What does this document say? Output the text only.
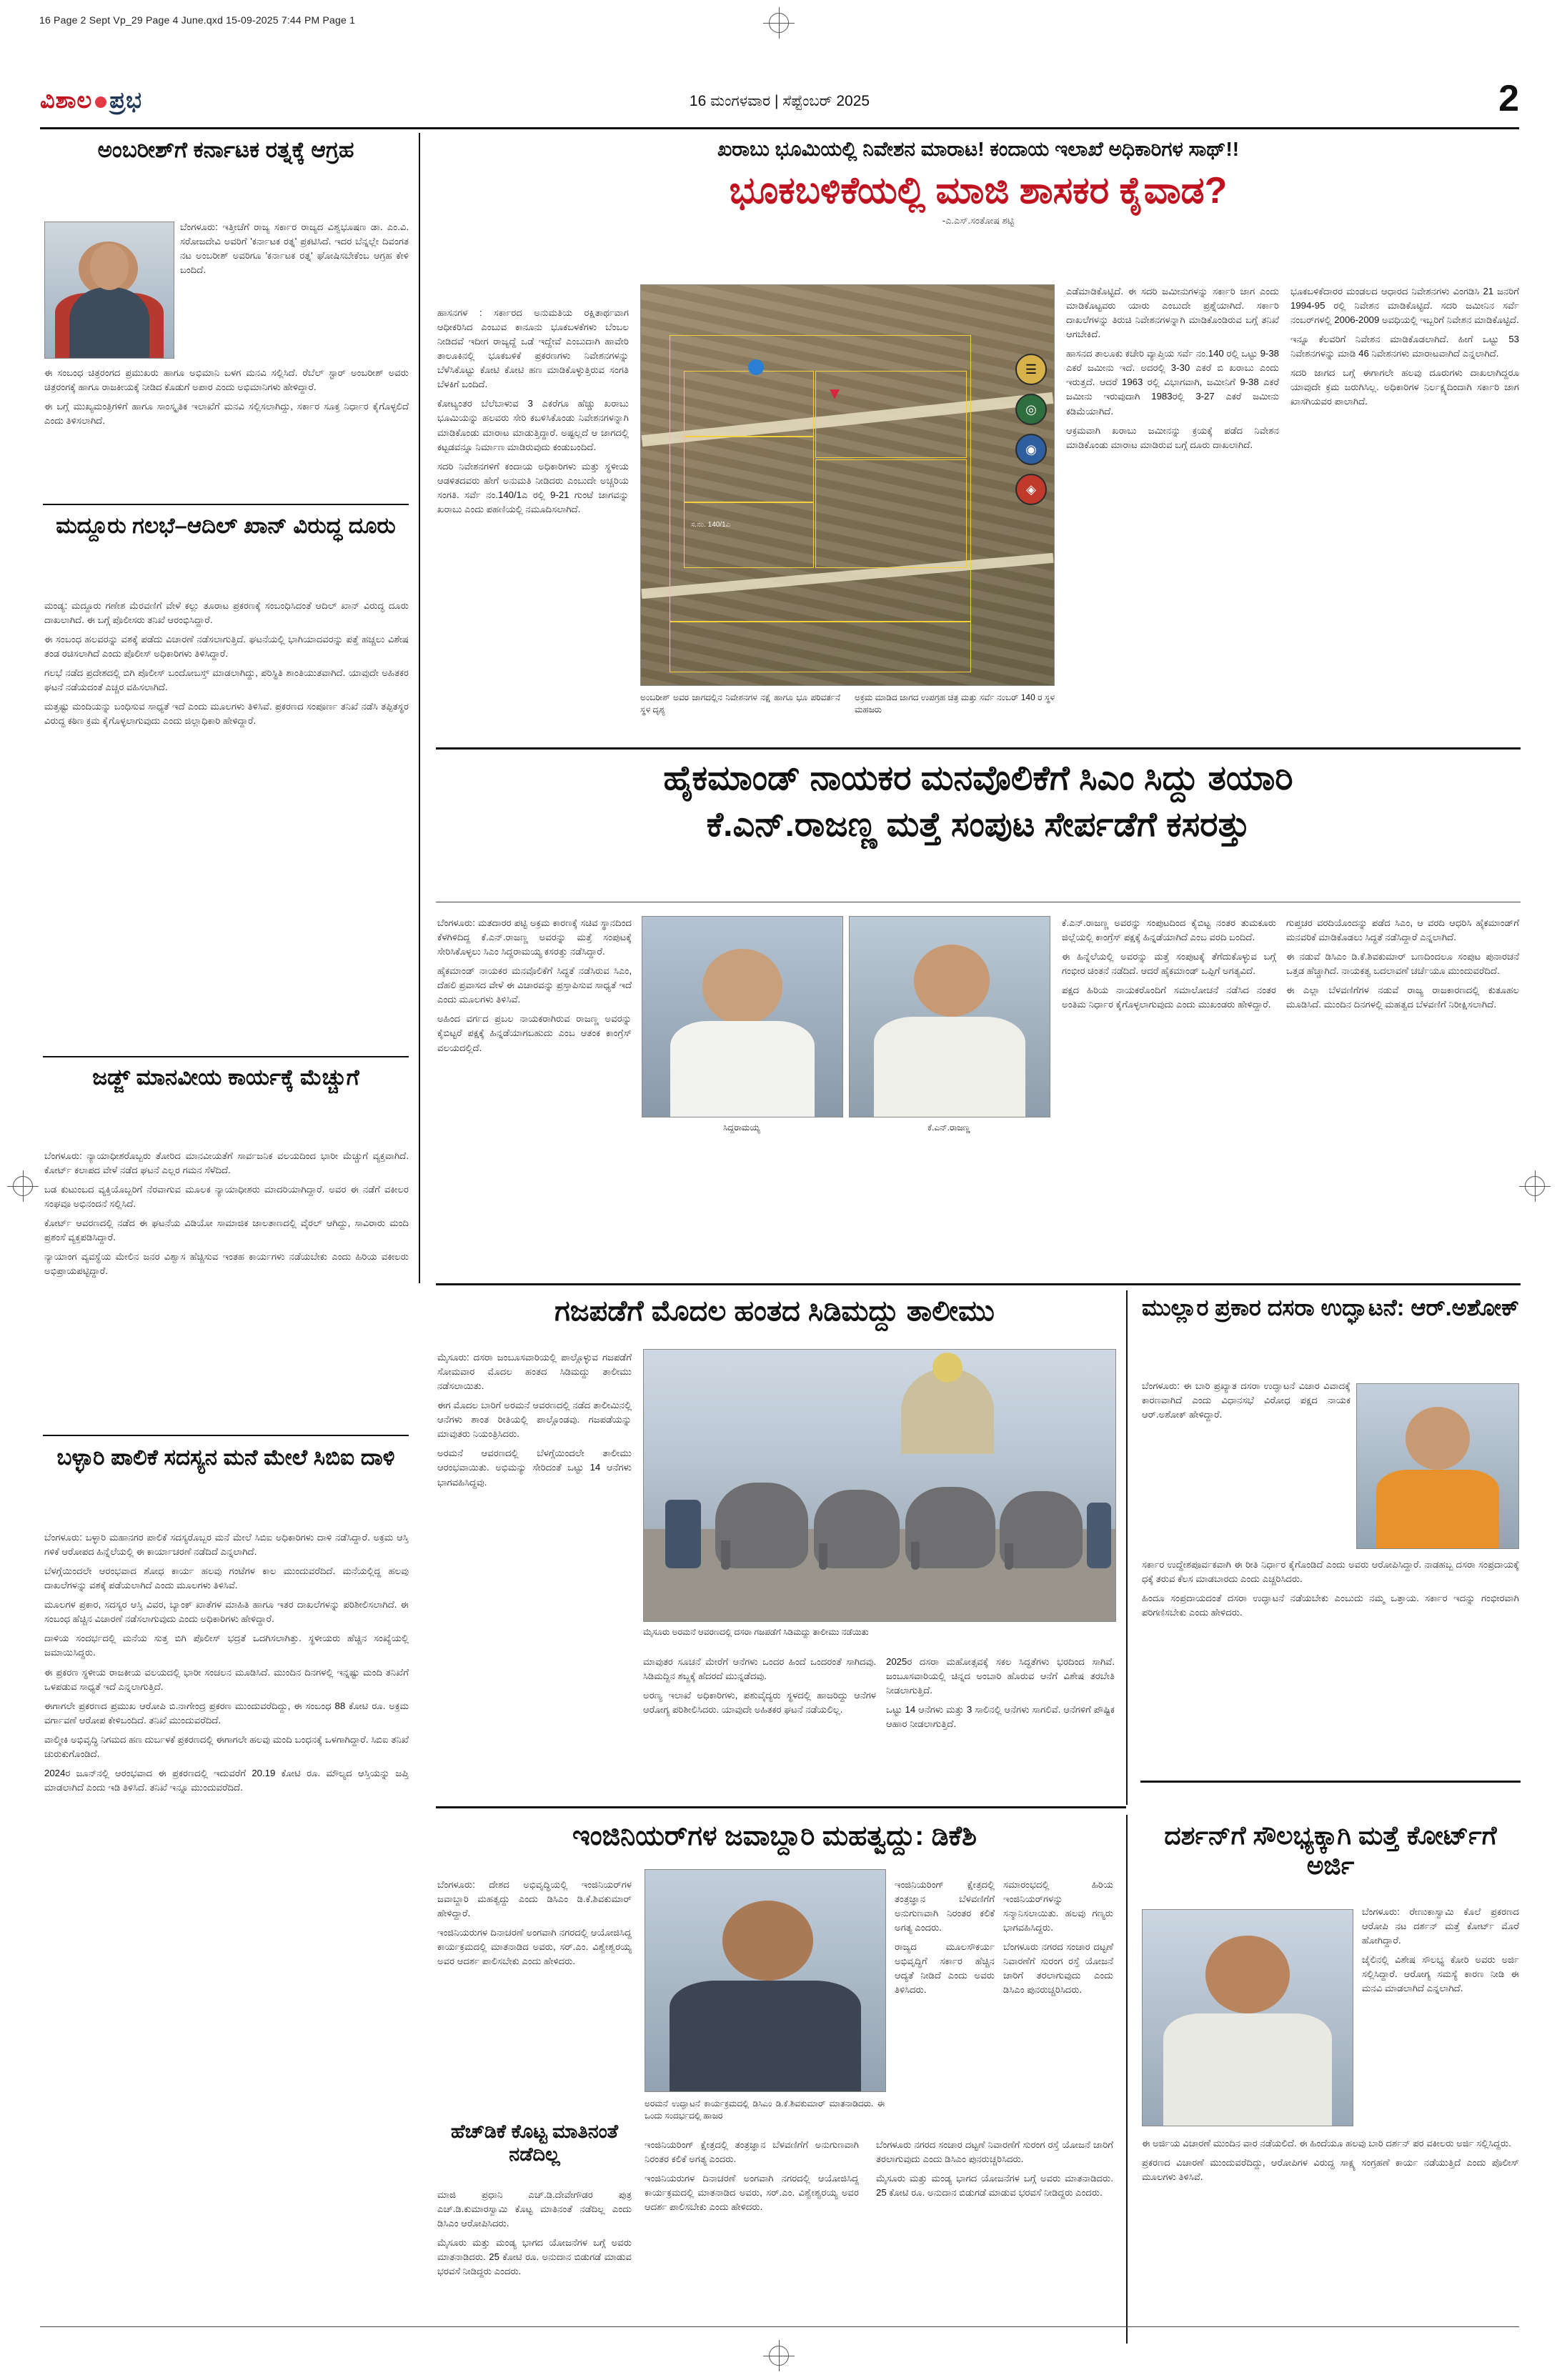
16 Page 2 Sept Vp_29 Page 4 June.qxd 15-09-2025 7:44 PM Page 1
ವಿಶಾಲ ಪ್ರಭ	16 ಮಂಗಳವಾರ | ಸೆಪ್ಟೆಂಬರ್ 2025	2
ಅಂಬರೀಶ್‌ಗೆ ಕರ್ನಾಟಕ ರತ್ನಕ್ಕೆ ಆಗ್ರಹ

ಬೆಂಗಳೂರು: ಇತ್ತೀಚೆಗೆ ರಾಜ್ಯ ಸರ್ಕಾರ ರಾಜ್ಯದ ವಿಶ್ವಭೂಷಣ ಡಾ. ಎಂ.ವಿ. ಸರೋಜದೇವಿ ಅವರಿಗೆ 'ಕರ್ನಾಟಕ ರತ್ನ' ಪ್ರಕಟಿಸಿದೆ. ಇದರ ಬೆನ್ನಲ್ಲೇ ದಿವಂಗತ ನಟ ಅಂಬರೀಶ್ ಅವರಿಗೂ 'ಕರ್ನಾಟಕ ರತ್ನ' ಘೋಷಿಸಬೇಕೆಂಬ ಆಗ್ರಹ ಕೇಳಿ ಬಂದಿದೆ.

ಈ ಸಂಬಂಧ ಚಿತ್ರರಂಗದ ಪ್ರಮುಖರು ಹಾಗೂ ಅಭಿಮಾನಿ ಬಳಗ ಮನವಿ ಸಲ್ಲಿಸಿದೆ. ರೆಬೆಲ್ ಸ್ಟಾರ್ ಅಂಬರೀಶ್ ಅವರು ಚಿತ್ರರಂಗಕ್ಕೆ ಹಾಗೂ ರಾಜಕೀಯಕ್ಕೆ ನೀಡಿದ ಕೊಡುಗೆ ಅಪಾರ ಎಂದು ಅಭಿಮಾನಿಗಳು ಹೇಳಿದ್ದಾರೆ.

ಈ ಬಗ್ಗೆ ಮುಖ್ಯಮಂತ್ರಿಗಳಿಗೆ ಹಾಗೂ ಸಾಂಸ್ಕೃತಿಕ ಇಲಾಖೆಗೆ ಮನವಿ ಸಲ್ಲಿಸಲಾಗಿದ್ದು, ಸರ್ಕಾರ ಸೂಕ್ತ ನಿರ್ಧಾರ ಕೈಗೊಳ್ಳಲಿದೆ ಎಂದು ತಿಳಿಸಲಾಗಿದೆ.

ಮದ್ದೂರು ಗಲಭೆ–ಆದಿಲ್ ಖಾನ್ ವಿರುದ್ಧ ದೂರು

ಮಂಡ್ಯ: ಮದ್ದೂರು ಗಣೇಶ ಮೆರವಣಿಗೆ ವೇಳೆ ಕಲ್ಲು ತೂರಾಟ ಪ್ರಕರಣಕ್ಕೆ ಸಂಬಂಧಿಸಿದಂತೆ ಆದಿಲ್ ಖಾನ್ ವಿರುದ್ಧ ದೂರು ದಾಖಲಾಗಿದೆ. ಈ ಬಗ್ಗೆ ಪೊಲೀಸರು ತನಿಖೆ ಆರಂಭಿಸಿದ್ದಾರೆ.

ಈ ಸಂಬಂಧ ಹಲವರನ್ನು ವಶಕ್ಕೆ ಪಡೆದು ವಿಚಾರಣೆ ನಡೆಸಲಾಗುತ್ತಿದೆ. ಘಟನೆಯಲ್ಲಿ ಭಾಗಿಯಾದವರನ್ನು ಪತ್ತೆ ಹಚ್ಚಲು ವಿಶೇಷ ತಂಡ ರಚಿಸಲಾಗಿದೆ ಎಂದು ಪೊಲೀಸ್ ಅಧಿಕಾರಿಗಳು ತಿಳಿಸಿದ್ದಾರೆ.

ಗಲಭೆ ನಡೆದ ಪ್ರದೇಶದಲ್ಲಿ ಬಿಗಿ ಪೊಲೀಸ್ ಬಂದೋಬಸ್ತ್ ಮಾಡಲಾಗಿದ್ದು, ಪರಿಸ್ಥಿತಿ ಶಾಂತಿಯುತವಾಗಿದೆ. ಯಾವುದೇ ಅಹಿತಕರ ಘಟನೆ ನಡೆಯದಂತೆ ಎಚ್ಚರ ವಹಿಸಲಾಗಿದೆ.

ಮತ್ತಷ್ಟು ಮಂದಿಯನ್ನು ಬಂಧಿಸುವ ಸಾಧ್ಯತೆ ಇದೆ ಎಂದು ಮೂಲಗಳು ತಿಳಿಸಿವೆ. ಪ್ರಕರಣದ ಸಂಪೂರ್ಣ ತನಿಖೆ ನಡೆಸಿ ತಪ್ಪಿತಸ್ಥರ ವಿರುದ್ಧ ಕಠಿಣ ಕ್ರಮ ಕೈಗೊಳ್ಳಲಾಗುವುದು ಎಂದು ಜಿಲ್ಲಾಧಿಕಾರಿ ಹೇಳಿದ್ದಾರೆ.

ಜಡ್ಜ್ ಮಾನವೀಯ ಕಾರ್ಯಕ್ಕೆ ಮೆಚ್ಚುಗೆ

ಬೆಂಗಳೂರು: ನ್ಯಾಯಾಧೀಶರೊಬ್ಬರು ತೋರಿದ ಮಾನವೀಯತೆಗೆ ಸಾರ್ವಜನಿಕ ವಲಯದಿಂದ ಭಾರೀ ಮೆಚ್ಚುಗೆ ವ್ಯಕ್ತವಾಗಿದೆ. ಕೋರ್ಟ್ ಕಲಾಪದ ವೇಳೆ ನಡೆದ ಘಟನೆ ಎಲ್ಲರ ಗಮನ ಸೆಳೆದಿದೆ.

ಬಡ ಕುಟುಂಬದ ವ್ಯಕ್ತಿಯೊಬ್ಬರಿಗೆ ನೆರವಾಗುವ ಮೂಲಕ ನ್ಯಾಯಾಧೀಶರು ಮಾದರಿಯಾಗಿದ್ದಾರೆ. ಅವರ ಈ ನಡೆಗೆ ವಕೀಲರ ಸಂಘವೂ ಅಭಿನಂದನೆ ಸಲ್ಲಿಸಿದೆ.

ಕೋರ್ಟ್ ಆವರಣದಲ್ಲಿ ನಡೆದ ಈ ಘಟನೆಯ ವಿಡಿಯೋ ಸಾಮಾಜಿಕ ಜಾಲತಾಣದಲ್ಲಿ ವೈರಲ್ ಆಗಿದ್ದು, ಸಾವಿರಾರು ಮಂದಿ ಪ್ರಶಂಸೆ ವ್ಯಕ್ತಪಡಿಸಿದ್ದಾರೆ.

ನ್ಯಾಯಾಂಗ ವ್ಯವಸ್ಥೆಯ ಮೇಲಿನ ಜನರ ವಿಶ್ವಾಸ ಹೆಚ್ಚಿಸುವ ಇಂತಹ ಕಾರ್ಯಗಳು ನಡೆಯಬೇಕು ಎಂದು ಹಿರಿಯ ವಕೀಲರು ಅಭಿಪ್ರಾಯಪಟ್ಟಿದ್ದಾರೆ.

ಬಳ್ಳಾರಿ ಪಾಲಿಕೆ ಸದಸ್ಯನ ಮನೆ ಮೇಲೆ ಸಿಬಿಐ ದಾಳಿ

ಬೆಂಗಳೂರು: ಬಳ್ಳಾರಿ ಮಹಾನಗರ ಪಾಲಿಕೆ ಸದಸ್ಯರೊಬ್ಬರ ಮನೆ ಮೇಲೆ ಸಿಬಿಐ ಅಧಿಕಾರಿಗಳು ದಾಳಿ ನಡೆಸಿದ್ದಾರೆ. ಅಕ್ರಮ ಆಸ್ತಿ ಗಳಿಕೆ ಆರೋಪದ ಹಿನ್ನೆಲೆಯಲ್ಲಿ ಈ ಕಾರ್ಯಾಚರಣೆ ನಡೆದಿದೆ ಎನ್ನಲಾಗಿದೆ.

ಬೆಳಗ್ಗೆಯಿಂದಲೇ ಆರಂಭವಾದ ಶೋಧ ಕಾರ್ಯ ಹಲವು ಗಂಟೆಗಳ ಕಾಲ ಮುಂದುವರೆದಿದೆ. ಮನೆಯಲ್ಲಿದ್ದ ಹಲವು ದಾಖಲೆಗಳನ್ನು ವಶಕ್ಕೆ ಪಡೆಯಲಾಗಿದೆ ಎಂದು ಮೂಲಗಳು ತಿಳಿಸಿವೆ.

ಮೂಲಗಳ ಪ್ರಕಾರ, ಸದಸ್ಯರ ಆಸ್ತಿ ವಿವರ, ಬ್ಯಾಂಕ್ ಖಾತೆಗಳ ಮಾಹಿತಿ ಹಾಗೂ ಇತರ ದಾಖಲೆಗಳನ್ನು ಪರಿಶೀಲಿಸಲಾಗಿದೆ. ಈ ಸಂಬಂಧ ಹೆಚ್ಚಿನ ವಿಚಾರಣೆ ನಡೆಸಲಾಗುವುದು ಎಂದು ಅಧಿಕಾರಿಗಳು ಹೇಳಿದ್ದಾರೆ.

ದಾಳಿಯ ಸಂದರ್ಭದಲ್ಲಿ ಮನೆಯ ಸುತ್ತ ಬಿಗಿ ಪೊಲೀಸ್ ಭದ್ರತೆ ಒದಗಿಸಲಾಗಿತ್ತು. ಸ್ಥಳೀಯರು ಹೆಚ್ಚಿನ ಸಂಖ್ಯೆಯಲ್ಲಿ ಜಮಾಯಿಸಿದ್ದರು.

ಈ ಪ್ರಕರಣ ಸ್ಥಳೀಯ ರಾಜಕೀಯ ವಲಯದಲ್ಲಿ ಭಾರೀ ಸಂಚಲನ ಮೂಡಿಸಿದೆ. ಮುಂದಿನ ದಿನಗಳಲ್ಲಿ ಇನ್ನಷ್ಟು ಮಂದಿ ತನಿಖೆಗೆ ಒಳಪಡುವ ಸಾಧ್ಯತೆ ಇದೆ ಎನ್ನಲಾಗುತ್ತಿದೆ.

ಈಗಾಗಲೇ ಪ್ರಕರಣದ ಪ್ರಮುಖ ಆರೋಪಿ ಬಿ.ನಾಗೇಂದ್ರ ಪ್ರಕರಣ ಮುಂದುವರೆದಿದ್ದು, ಈ ಸಂಬಂಧ 88 ಕೋಟಿ ರೂ. ಅಕ್ರಮ ವರ್ಗಾವಣೆ ಆರೋಪ ಕೇಳಿಬಂದಿದೆ. ತನಿಖೆ ಮುಂದುವರೆದಿದೆ.

ವಾಲ್ಮೀಕಿ ಅಭಿವೃದ್ಧಿ ನಿಗಮದ ಹಣ ದುರ್ಬಳಕೆ ಪ್ರಕರಣದಲ್ಲಿ ಈಗಾಗಲೇ ಹಲವು ಮಂದಿ ಬಂಧನಕ್ಕೆ ಒಳಗಾಗಿದ್ದಾರೆ. ಸಿಬಿಐ ತನಿಖೆ ಚುರುಕುಗೊಂಡಿದೆ.

2024ರ ಜೂನ್‌ನಲ್ಲಿ ಆರಂಭವಾದ ಈ ಪ್ರಕರಣದಲ್ಲಿ ಇದುವರೆಗೆ 20.19 ಕೋಟಿ ರೂ. ಮೌಲ್ಯದ ಆಸ್ತಿಯನ್ನು ಜಪ್ತಿ ಮಾಡಲಾಗಿದೆ ಎಂದು ಇಡಿ ತಿಳಿಸಿದೆ. ತನಿಖೆ ಇನ್ನೂ ಮುಂದುವರೆದಿದೆ.

ಖರಾಬು ಭೂಮಿಯಲ್ಲಿ ನಿವೇಶನ ಮಾರಾಟ! ಕಂದಾಯ ಇಲಾಖೆ ಅಧಿಕಾರಿಗಳ ಸಾಥ್‌!!
ಭೂಕಬಳಿಕೆಯಲ್ಲಿ ಮಾಜಿ ಶಾಸಕರ ಕೈವಾಡ?
-ಎ.ಎಸ್.ಸಂತೋಷ ಶಟ್ಟಿ

ಹಾಸನಗಳ : ಸರ್ಕಾರದ ಅನುಮತಿಯ ರಕ್ಷಿತಾರ್ಥವಾಗ ಆಧೀಕರಿಸಿದ ಎಂಬುವ ಕಾನೂನು ಭೂಕಬಳಕೆಗಳು ಬೆಂಬಲ ನೀಡಿದವೆ ಇದೀಗ ರಾಜ್ಯದ್ದೆ ಒಡೆ ಇದ್ದೇವೆ ಎಂಬುದಾಗಿ ಹಾವೇರಿ ತಾಲೂಕಿನಲ್ಲಿ ಭೂಕಬಳಿಕೆ ಪ್ರಕರಣಗಳು ನಿವೇಶನಗಳನ್ನು ಬೆಳೆಸಿಕೊಟ್ಟು ಕೋಟಿ ಕೋಟಿ ಹಣ ಮಾಡಿಕೊಳ್ಳುತ್ತಿರುವ ಸಂಗತಿ ಬೆಳಕಿಗೆ ಬಂದಿದೆ.

ಕೋಟ್ಯಂತರ ಬೆಲೆಬಾಳುವ 3 ಎಕರೆಗೂ ಹೆಚ್ಚು ಖರಾಬು ಭೂಮಿಯನ್ನು ಹಲವರು ಸೇರಿ ಕಬಳಿಸಿಕೊಂಡು ನಿವೇಶನಗಳನ್ನಾಗಿ ಮಾಡಿಕೊಂಡು ಮಾರಾಟ ಮಾಡುತ್ತಿದ್ದಾರೆ. ಅಷ್ಟಲ್ಲದೆ ಆ ಜಾಗದಲ್ಲಿ ಕಟ್ಟಡವನ್ನೂ ನಿರ್ಮಾಣ ಮಾಡಿರುವುದು ಕಂಡುಬಂದಿದೆ.

ಸದರಿ ನಿವೇಶನಗಳಿಗೆ ಕಂದಾಯ ಅಧಿಕಾರಿಗಳು ಮತ್ತು ಸ್ಥಳೀಯ ಆಡಳಿತದವರು ಹೇಗೆ ಅನುಮತಿ ನೀಡಿದರು ಎಂಬುದೇ ಅಚ್ಚರಿಯ ಸಂಗತಿ. ಸರ್ವೆ ನಂ.140/1ಎ ರಲ್ಲಿ 9-21 ಗುಂಟೆ ಜಾಗವನ್ನು ಖರಾಬು ಎಂದು ಪಹಣಿಯಲ್ಲಿ ನಮೂದಿಸಲಾಗಿದೆ.

ಸ.ನಂ. 140/1ಎ
☰
◎
◉
◈

ಎಡೆಮಾಡಿಕೊಟ್ಟಿದೆ. ಈ ಸದರಿ ಜಮೀನುಗಳನ್ನು ಸರ್ಕಾರಿ ಜಾಗ ಎಂದು ಮಾಡಿಕೊಟ್ಟವರು ಯಾರು ಎಂಬುದೇ ಪ್ರಶ್ನೆಯಾಗಿದೆ. ಸರ್ಕಾರಿ ದಾಖಲೆಗಳನ್ನು ತಿರುಚಿ ನಿವೇಶನಗಳನ್ನಾಗಿ ಮಾಡಿಕೊಂಡಿರುವ ಬಗ್ಗೆ ತನಿಖೆ ಆಗಬೇಕಿದೆ.

ಹಾಸನದ ತಾಲೂಕು ಕಚೇರಿ ವ್ಯಾಪ್ತಿಯ ಸರ್ವೆ ನಂ.140 ರಲ್ಲಿ ಒಟ್ಟು 9-38 ಎಕರೆ ಜಮೀನು ಇದೆ. ಅದರಲ್ಲಿ 3-30 ಎಕರೆ ಬಿ ಖರಾಬು ಎಂದು ಇರುತ್ತದೆ. ಆದರೆ 1963 ರಲ್ಲಿ ವಿಭಾಗವಾಗಿ, ಜಮೀನಿಗೆ 9-38 ಎಕರೆ ಜಮೀನು ಇರುವುದಾಗಿ 1983ರಲ್ಲಿ 3-27 ಎಕರೆ ಜಮೀನು ಕಡಿಮೆಯಾಗಿದೆ.

ಆಕ್ರಮವಾಗಿ ಖರಾಬು ಜಮೀನನ್ನು ಕ್ರಯಕ್ಕೆ ಪಡೆದ ನಿವೇಶನ ಮಾಡಿಕೊಂಡು ಮಾರಾಟ ಮಾಡಿರುವ ಬಗ್ಗೆ ದೂರು ದಾಖಲಾಗಿದೆ.

ಭೂಕಬಳಿಕೆದಾರರ ಮಂಡಲದ ಆಧಾರದ ನಿವೇಶನಗಳು ವಿಂಗಡಿಸಿ 21 ಜನರಿಗೆ 1994-95 ರಲ್ಲಿ ನಿವೇಶನ ಮಾಡಿಕೊಟ್ಟಿದೆ. ಸದರಿ ಜಮೀನಿನ ಸರ್ವೆ ನಂಬರ್‌ಗಳಲ್ಲಿ 2006-2009 ಅವಧಿಯಲ್ಲಿ ಇಬ್ಬರಿಗೆ ನಿವೇಶನ ಮಾಡಿಕೊಟ್ಟಿದೆ.

ಇನ್ನೂ ಕೆಲವರಿಗೆ ನಿವೇಶನ ಮಾಡಿಕೊಡಲಾಗಿದೆ. ಹೀಗೆ ಒಟ್ಟು 53 ನಿವೇಶನಗಳನ್ನು ಮಾಡಿ 46 ನಿವೇಶನಗಳು ಮಾರಾಟವಾಗಿದೆ ಎನ್ನಲಾಗಿದೆ.

ಸದರಿ ಜಾಗದ ಬಗ್ಗೆ ಈಗಾಗಲೇ ಹಲವು ದೂರುಗಳು ದಾಖಲಾಗಿದ್ದರೂ ಯಾವುದೇ ಕ್ರಮ ಜರುಗಿಸಿಲ್ಲ. ಅಧಿಕಾರಿಗಳ ನಿರ್ಲಕ್ಷ್ಯದಿಂದಾಗಿ ಸರ್ಕಾರಿ ಜಾಗ ಖಾಸಗಿಯವರ ಪಾಲಾಗಿದೆ.

ಅಂಬರೀಶ್ ಅವರ ಜಾಗದಲ್ಲಿನ ನಿವೇಶನಗಳ ನಕ್ಷೆ ಹಾಗೂ ಭೂ ಪರಿವರ್ತನೆ ಸ್ಥಳ ದೃಶ್ಯ
ಅಕ್ರಮ ಮಾಡಿದ ಜಾಗದ ಉಪಗ್ರಹ ಚಿತ್ರ ಮತ್ತು ಸರ್ವೆ ನಂಬರ್ 140 ರ ಸ್ಥಳ ಮಹಜರು
ಹೈಕಮಾಂಡ್ ನಾಯಕರ ಮನವೊಲಿಕೆಗೆ ಸಿಎಂ ಸಿದ್ದು ತಯಾರಿ
ಕೆ.ಎನ್.ರಾಜಣ್ಣ ಮತ್ತೆ ಸಂಪುಟ ಸೇರ್ಪಡೆಗೆ ಕಸರತ್ತು
ಸಿದ್ದರಾಮಯ್ಯ	ಕೆ.ಎನ್.ರಾಜಣ್ಣ

ಬೆಂಗಳೂರು: ಮತದಾರರ ಪಟ್ಟಿ ಅಕ್ರಮ ಕಾರಣಕ್ಕೆ ಸಚಿವ ಸ್ಥಾನದಿಂದ ಕೆಳಗಿಳಿದಿದ್ದ ಕೆ.ಎನ್.ರಾಜಣ್ಣ ಅವರನ್ನು ಮತ್ತೆ ಸಂಪುಟಕ್ಕೆ ಸೇರಿಸಿಕೊಳ್ಳಲು ಸಿಎಂ ಸಿದ್ದರಾಮಯ್ಯ ಕಸರತ್ತು ನಡೆಸಿದ್ದಾರೆ.

ಹೈಕಮಾಂಡ್ ನಾಯಕರ ಮನವೊಲಿಕೆಗೆ ಸಿದ್ಧತೆ ನಡೆಸಿರುವ ಸಿಎಂ, ದೆಹಲಿ ಪ್ರವಾಸದ ವೇಳೆ ಈ ವಿಚಾರವನ್ನು ಪ್ರಸ್ತಾಪಿಸುವ ಸಾಧ್ಯತೆ ಇದೆ ಎಂದು ಮೂಲಗಳು ತಿಳಿಸಿವೆ.

ಅಹಿಂದ ವರ್ಗದ ಪ್ರಬಲ ನಾಯಕರಾಗಿರುವ ರಾಜಣ್ಣ ಅವರನ್ನು ಕೈಬಿಟ್ಟರೆ ಪಕ್ಷಕ್ಕೆ ಹಿನ್ನಡೆಯಾಗಬಹುದು ಎಂಬ ಆತಂಕ ಕಾಂಗ್ರೆಸ್ ವಲಯದಲ್ಲಿದೆ.

ಕೆ.ಎನ್.ರಾಜಣ್ಣ ಅವರನ್ನು ಸಂಪುಟದಿಂದ ಕೈಬಿಟ್ಟ ನಂತರ ತುಮಕೂರು ಜಿಲ್ಲೆಯಲ್ಲಿ ಕಾಂಗ್ರೆಸ್ ಪಕ್ಷಕ್ಕೆ ಹಿನ್ನಡೆಯಾಗಿದೆ ಎಂಬ ವರದಿ ಬಂದಿದೆ.

ಈ ಹಿನ್ನೆಲೆಯಲ್ಲಿ ಅವರನ್ನು ಮತ್ತೆ ಸಂಪುಟಕ್ಕೆ ತೆಗೆದುಕೊಳ್ಳುವ ಬಗ್ಗೆ ಗಂಭೀರ ಚಿಂತನೆ ನಡೆದಿದೆ. ಆದರೆ ಹೈಕಮಾಂಡ್ ಒಪ್ಪಿಗೆ ಅಗತ್ಯವಿದೆ.

ಪಕ್ಷದ ಹಿರಿಯ ನಾಯಕರೊಂದಿಗೆ ಸಮಾಲೋಚನೆ ನಡೆಸಿದ ನಂತರ ಅಂತಿಮ ನಿರ್ಧಾರ ಕೈಗೊಳ್ಳಲಾಗುವುದು ಎಂದು ಮುಖಂಡರು ಹೇಳಿದ್ದಾರೆ.

ಗುಪ್ತಚರ ವರದಿಯೊಂದನ್ನು ಪಡೆದ ಸಿಎಂ, ಆ ವರದಿ ಆಧರಿಸಿ ಹೈಕಮಾಂಡ್‌ಗೆ ಮನವರಿಕೆ ಮಾಡಿಕೊಡಲು ಸಿದ್ಧತೆ ನಡೆಸಿದ್ದಾರೆ ಎನ್ನಲಾಗಿದೆ.

ಈ ನಡುವೆ ಡಿಸಿಎಂ ಡಿ.ಕೆ.ಶಿವಕುಮಾರ್ ಬಣದಿಂದಲೂ ಸಂಪುಟ ಪುನಾರಚನೆ ಒತ್ತಡ ಹೆಚ್ಚಾಗಿದೆ. ನಾಯಕತ್ವ ಬದಲಾವಣೆ ಚರ್ಚೆಯೂ ಮುಂದುವರೆದಿದೆ.

ಈ ಎಲ್ಲಾ ಬೆಳವಣಿಗೆಗಳ ನಡುವೆ ರಾಜ್ಯ ರಾಜಕಾರಣದಲ್ಲಿ ಕುತೂಹಲ ಮೂಡಿಸಿದೆ. ಮುಂದಿನ ದಿನಗಳಲ್ಲಿ ಮಹತ್ವದ ಬೆಳವಣಿಗೆ ನಿರೀಕ್ಷಿಸಲಾಗಿದೆ.

ಗಜಪಡೆಗೆ ಮೊದಲ ಹಂತದ ಸಿಡಿಮದ್ದು ತಾಲೀಮು
ಮೈಸೂರು ಅರಮನೆ ಆವರಣದಲ್ಲಿ ದಸರಾ ಗಜಪಡೆಗೆ ಸಿಡಿಮದ್ದು ತಾಲೀಮು ನಡೆಯಿತು

ಮೈಸೂರು: ದಸರಾ ಜಂಬೂಸವಾರಿಯಲ್ಲಿ ಪಾಲ್ಗೊಳ್ಳುವ ಗಜಪಡೆಗೆ ಸೋಮವಾರ ಮೊದಲ ಹಂತದ ಸಿಡಿಮದ್ದು ತಾಲೀಮು ನಡೆಸಲಾಯಿತು.

ಈಗ ಮೊದಲ ಬಾರಿಗೆ ಅರಮನೆ ಆವರಣದಲ್ಲಿ ನಡೆದ ತಾಲೀಮಿನಲ್ಲಿ ಆನೆಗಳು ಶಾಂತ ರೀತಿಯಲ್ಲಿ ಪಾಲ್ಗೊಂಡವು. ಗಜಪಡೆಯನ್ನು ಮಾವುತರು ನಿಯಂತ್ರಿಸಿದರು.

ಅರಮನೆ ಆವರಣದಲ್ಲಿ ಬೆಳಗ್ಗೆಯಿಂದಲೇ ತಾಲೀಮು ಆರಂಭವಾಯಿತು. ಅಭಿಮನ್ಯು ಸೇರಿದಂತೆ ಒಟ್ಟು 14 ಆನೆಗಳು ಭಾಗವಹಿಸಿದ್ದವು.

ಮಾವುತರ ಸೂಚನೆ ಮೇರೆಗೆ ಆನೆಗಳು ಒಂದರ ಹಿಂದೆ ಒಂದರಂತೆ ಸಾಗಿದವು. ಸಿಡಿಮದ್ದಿನ ಶಬ್ದಕ್ಕೆ ಹೆದರದೆ ಮುನ್ನಡೆದವು.

ಅರಣ್ಯ ಇಲಾಖೆ ಅಧಿಕಾರಿಗಳು, ಪಶುವೈದ್ಯರು ಸ್ಥಳದಲ್ಲಿ ಹಾಜರಿದ್ದು ಆನೆಗಳ ಆರೋಗ್ಯ ಪರಿಶೀಲಿಸಿದರು. ಯಾವುದೇ ಅಹಿತಕರ ಘಟನೆ ನಡೆಯಲಿಲ್ಲ.

2025ರ ದಸರಾ ಮಹೋತ್ಸವಕ್ಕೆ ಸಕಲ ಸಿದ್ಧತೆಗಳು ಭರದಿಂದ ಸಾಗಿವೆ. ಜಂಬೂಸವಾರಿಯಲ್ಲಿ ಚಿನ್ನದ ಅಂಬಾರಿ ಹೊರುವ ಆನೆಗೆ ವಿಶೇಷ ತರಬೇತಿ ನೀಡಲಾಗುತ್ತಿದೆ.

ಒಟ್ಟು 14 ಆನೆಗಳು ಮತ್ತು 3 ಸಾಲಿನಲ್ಲಿ ಆನೆಗಳು ಸಾಗಲಿವೆ. ಆನೆಗಳಿಗೆ ಪೌಷ್ಟಿಕ ಆಹಾರ ನೀಡಲಾಗುತ್ತಿದೆ.

ಮುಲ್ಲಾರ ಪ್ರಕಾರ ದಸರಾ ಉದ್ಘಾಟನೆ: ಆರ್.ಅಶೋಕ್

ಬೆಂಗಳೂರು: ಈ ಬಾರಿ ಪ್ರಖ್ಯಾತ ದಸರಾ ಉದ್ಘಾಟನೆ ವಿಚಾರ ವಿವಾದಕ್ಕೆ ಕಾರಣವಾಗಿದೆ ಎಂದು ವಿಧಾನಸಭೆ ವಿರೋಧ ಪಕ್ಷದ ನಾಯಕ ಆರ್.ಅಶೋಕ್ ಹೇಳಿದ್ದಾರೆ.

ಸರ್ಕಾರ ಉದ್ದೇಶಪೂರ್ವಕವಾಗಿ ಈ ರೀತಿ ನಿರ್ಧಾರ ಕೈಗೊಂಡಿದೆ ಎಂದು ಅವರು ಆರೋಪಿಸಿದ್ದಾರೆ. ನಾಡಹಬ್ಬ ದಸರಾ ಸಂಪ್ರದಾಯಕ್ಕೆ ಧಕ್ಕೆ ತರುವ ಕೆಲಸ ಮಾಡಬಾರದು ಎಂದು ಎಚ್ಚರಿಸಿದರು.

ಹಿಂದೂ ಸಂಪ್ರದಾಯದಂತೆ ದಸರಾ ಉದ್ಘಾಟನೆ ನಡೆಯಬೇಕು ಎಂಬುದು ನಮ್ಮ ಒತ್ತಾಯ. ಸರ್ಕಾರ ಇದನ್ನು ಗಂಭೀರವಾಗಿ ಪರಿಗಣಿಸಬೇಕು ಎಂದು ಹೇಳಿದರು.

ಇಂಜಿನಿಯರ್‌ಗಳ ಜವಾಬ್ದಾರಿ ಮಹತ್ವದ್ದು: ಡಿಕೆಶಿ
ಅರಮನೆ ಉದ್ಘಾಟನೆ ಕಾರ್ಯಕ್ರಮದಲ್ಲಿ ಡಿಸಿಎಂ ಡಿ.ಕೆ.ಶಿವಕುಮಾರ್ ಮಾತನಾಡಿದರು. ಈ ಒಂದು ಸಂದರ್ಭದಲ್ಲಿ ಹಾಜರ

ಬೆಂಗಳೂರು: ದೇಶದ ಅಭಿವೃದ್ಧಿಯಲ್ಲಿ ಇಂಜಿನಿಯರ್‌ಗಳ ಜವಾಬ್ದಾರಿ ಮಹತ್ವದ್ದು ಎಂದು ಡಿಸಿಎಂ ಡಿ.ಕೆ.ಶಿವಕುಮಾರ್ ಹೇಳಿದ್ದಾರೆ.

ಇಂಜಿನಿಯರುಗಳ ದಿನಾಚರಣೆ ಅಂಗವಾಗಿ ನಗರದಲ್ಲಿ ಆಯೋಜಿಸಿದ್ದ ಕಾರ್ಯಕ್ರಮದಲ್ಲಿ ಮಾತನಾಡಿದ ಅವರು, ಸರ್.ಎಂ. ವಿಶ್ವೇಶ್ವರಯ್ಯ ಅವರ ಆದರ್ಶ ಪಾಲಿಸಬೇಕು ಎಂದು ಹೇಳಿದರು.

ಇಂಜಿನಿಯರಿಂಗ್ ಕ್ಷೇತ್ರದಲ್ಲಿ ತಂತ್ರಜ್ಞಾನ ಬೆಳವಣಿಗೆಗೆ ಅನುಗುಣವಾಗಿ ನಿರಂತರ ಕಲಿಕೆ ಅಗತ್ಯ ಎಂದರು.

ರಾಜ್ಯದ ಮೂಲಸೌಕರ್ಯ ಅಭಿವೃದ್ಧಿಗೆ ಸರ್ಕಾರ ಹೆಚ್ಚಿನ ಆದ್ಯತೆ ನೀಡಿದೆ ಎಂದು ಅವರು ತಿಳಿಸಿದರು.

ಸಮಾರಂಭದಲ್ಲಿ ಹಿರಿಯ ಇಂಜಿನಿಯರ್‌ಗಳನ್ನು ಸನ್ಮಾನಿಸಲಾಯಿತು. ಹಲವು ಗಣ್ಯರು ಭಾಗವಹಿಸಿದ್ದರು.

ಬೆಂಗಳೂರು ನಗರದ ಸಂಚಾರ ದಟ್ಟಣೆ ನಿವಾರಣೆಗೆ ಸುರಂಗ ರಸ್ತೆ ಯೋಜನೆ ಜಾರಿಗೆ ತರಲಾಗುವುದು ಎಂದು ಡಿಸಿಎಂ ಪುನರುಚ್ಚರಿಸಿದರು.

ಹೆಚ್‌ಡಿಕೆ ಕೊಟ್ಟ ಮಾತಿನಂತೆ ನಡೆದಿಲ್ಲ

ಮಾಜಿ ಪ್ರಧಾನಿ ಎಚ್.ಡಿ.ದೇವೇಗೌಡರ ಪುತ್ರ ಎಚ್.ಡಿ.ಕುಮಾರಸ್ವಾಮಿ ಕೊಟ್ಟ ಮಾತಿನಂತೆ ನಡೆದಿಲ್ಲ ಎಂದು ಡಿಸಿಎಂ ಆರೋಪಿಸಿದರು.

ಮೈಸೂರು ಮತ್ತು ಮಂಡ್ಯ ಭಾಗದ ಯೋಜನೆಗಳ ಬಗ್ಗೆ ಅವರು ಮಾತನಾಡಿದರು. 25 ಕೋಟಿ ರೂ. ಅನುದಾನ ಬಿಡುಗಡೆ ಮಾಡುವ ಭರವಸೆ ನೀಡಿದ್ದರು ಎಂದರು.

ಇಂಜಿನಿಯರಿಂಗ್ ಕ್ಷೇತ್ರದಲ್ಲಿ ತಂತ್ರಜ್ಞಾನ ಬೆಳವಣಿಗೆಗೆ ಅನುಗುಣವಾಗಿ ನಿರಂತರ ಕಲಿಕೆ ಅಗತ್ಯ ಎಂದರು.

ಇಂಜಿನಿಯರುಗಳ ದಿನಾಚರಣೆ ಅಂಗವಾಗಿ ನಗರದಲ್ಲಿ ಆಯೋಜಿಸಿದ್ದ ಕಾರ್ಯಕ್ರಮದಲ್ಲಿ ಮಾತನಾಡಿದ ಅವರು, ಸರ್.ಎಂ. ವಿಶ್ವೇಶ್ವರಯ್ಯ ಅವರ ಆದರ್ಶ ಪಾಲಿಸಬೇಕು ಎಂದು ಹೇಳಿದರು.

ಬೆಂಗಳೂರು ನಗರದ ಸಂಚಾರ ದಟ್ಟಣೆ ನಿವಾರಣೆಗೆ ಸುರಂಗ ರಸ್ತೆ ಯೋಜನೆ ಜಾರಿಗೆ ತರಲಾಗುವುದು ಎಂದು ಡಿಸಿಎಂ ಪುನರುಚ್ಚರಿಸಿದರು.

ಮೈಸೂರು ಮತ್ತು ಮಂಡ್ಯ ಭಾಗದ ಯೋಜನೆಗಳ ಬಗ್ಗೆ ಅವರು ಮಾತನಾಡಿದರು. 25 ಕೋಟಿ ರೂ. ಅನುದಾನ ಬಿಡುಗಡೆ ಮಾಡುವ ಭರವಸೆ ನೀಡಿದ್ದರು ಎಂದರು.

ದರ್ಶನ್‌ಗೆ ಸೌಲಭ್ಯಕ್ಕಾಗಿ ಮತ್ತೆ ಕೋರ್ಟ್‌ಗೆ ಅರ್ಜಿ

ಬೆಂಗಳೂರು: ರೇಣುಕಾಸ್ವಾಮಿ ಕೊಲೆ ಪ್ರಕರಣದ ಆರೋಪಿ ನಟ ದರ್ಶನ್ ಮತ್ತೆ ಕೋರ್ಟ್ ಮೊರೆ ಹೋಗಿದ್ದಾರೆ.

ಜೈಲಿನಲ್ಲಿ ವಿಶೇಷ ಸೌಲಭ್ಯ ಕೋರಿ ಅವರು ಅರ್ಜಿ ಸಲ್ಲಿಸಿದ್ದಾರೆ. ಆರೋಗ್ಯ ಸಮಸ್ಯೆ ಕಾರಣ ನೀಡಿ ಈ ಮನವಿ ಮಾಡಲಾಗಿದೆ ಎನ್ನಲಾಗಿದೆ.

ಈ ಅರ್ಜಿಯ ವಿಚಾರಣೆ ಮುಂದಿನ ವಾರ ನಡೆಯಲಿದೆ. ಈ ಹಿಂದೆಯೂ ಹಲವು ಬಾರಿ ದರ್ಶನ್ ಪರ ವಕೀಲರು ಅರ್ಜಿ ಸಲ್ಲಿಸಿದ್ದರು.

ಪ್ರಕರಣದ ವಿಚಾರಣೆ ಮುಂದುವರೆದಿದ್ದು, ಆರೋಪಿಗಳ ವಿರುದ್ಧ ಸಾಕ್ಷ್ಯ ಸಂಗ್ರಹಣೆ ಕಾರ್ಯ ನಡೆಯುತ್ತಿದೆ ಎಂದು ಪೊಲೀಸ್ ಮೂಲಗಳು ತಿಳಿಸಿವೆ.
